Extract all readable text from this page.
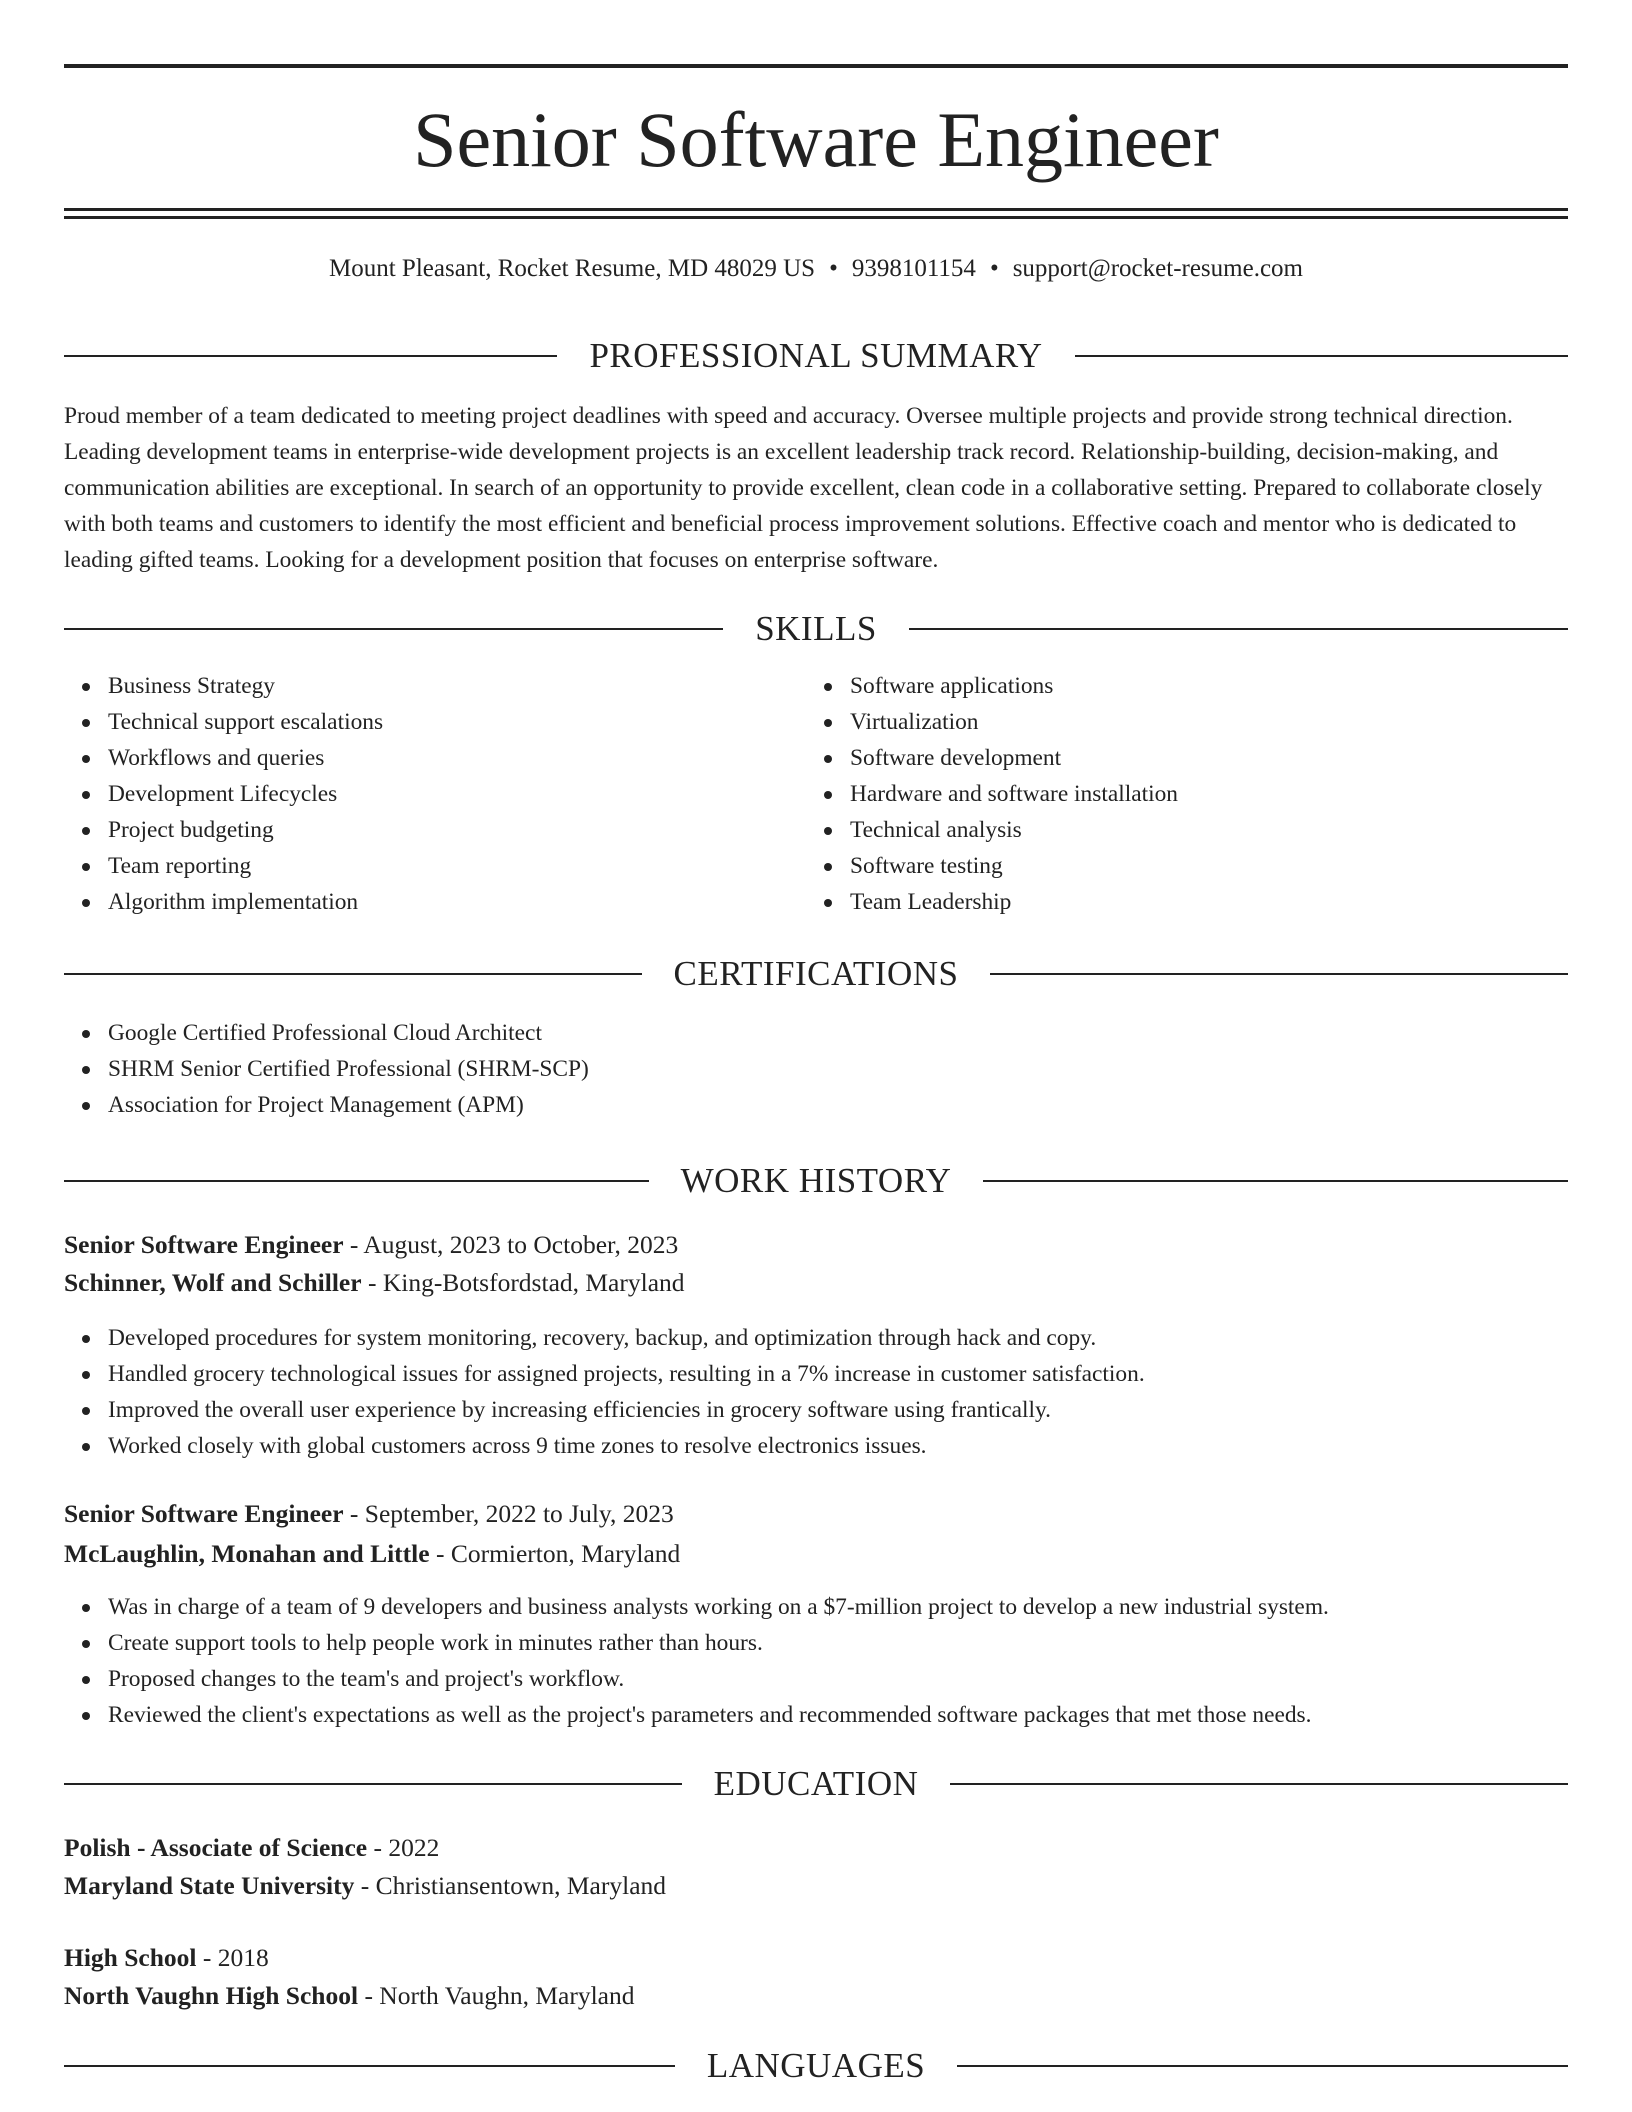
Senior Software Engineer
Mount Pleasant, Rocket Resume, MD 48029 US • 9398101154 • support@rocket-resume.com
PROFESSIONAL SUMMARY

Proud member of a team dedicated to meeting project deadlines with speed and accuracy. Oversee multiple projects and provide strong technical direction. Leading development teams in enterprise-wide development projects is an excellent leadership track record. Relationship-building, decision-making, and communication abilities are exceptional. In search of an opportunity to provide excellent, clean code in a collaborative setting. Prepared to collaborate closely with both teams and customers to identify the most efficient and beneficial process improvement solutions. Effective coach and mentor who is dedicated to leading gifted teams. Looking for a development position that focuses on enterprise software.

SKILLS
Business Strategy
Technical support escalations
Workflows and queries
Development Lifecycles
Project budgeting
Team reporting
Algorithm implementation
Software applications
Virtualization
Software development
Hardware and software installation
Technical analysis
Software testing
Team Leadership
CERTIFICATIONS
Google Certified Professional Cloud Architect
SHRM Senior Certified Professional (SHRM-SCP)
Association for Project Management (APM)
WORK HISTORY
Senior Software Engineer - August, 2023 to October, 2023
Schinner, Wolf and Schiller - King-Botsfordstad, Maryland
Developed procedures for system monitoring, recovery, backup, and optimization through hack and copy.
Handled grocery technological issues for assigned projects, resulting in a 7% increase in customer satisfaction.
Improved the overall user experience by increasing efficiencies in grocery software using frantically.
Worked closely with global customers across 9 time zones to resolve electronics issues.
Senior Software Engineer - September, 2022 to July, 2023
McLaughlin, Monahan and Little - Cormierton, Maryland
Was in charge of a team of 9 developers and business analysts working on a $7-million project to develop a new industrial system.
Create support tools to help people work in minutes rather than hours.
Proposed changes to the team's and project's workflow.
Reviewed the client's expectations as well as the project's parameters and recommended software packages that met those needs.
EDUCATION
Polish - Associate of Science - 2022
Maryland State University - Christiansentown, Maryland
High School - 2018
North Vaughn High School - North Vaughn, Maryland
LANGUAGES
